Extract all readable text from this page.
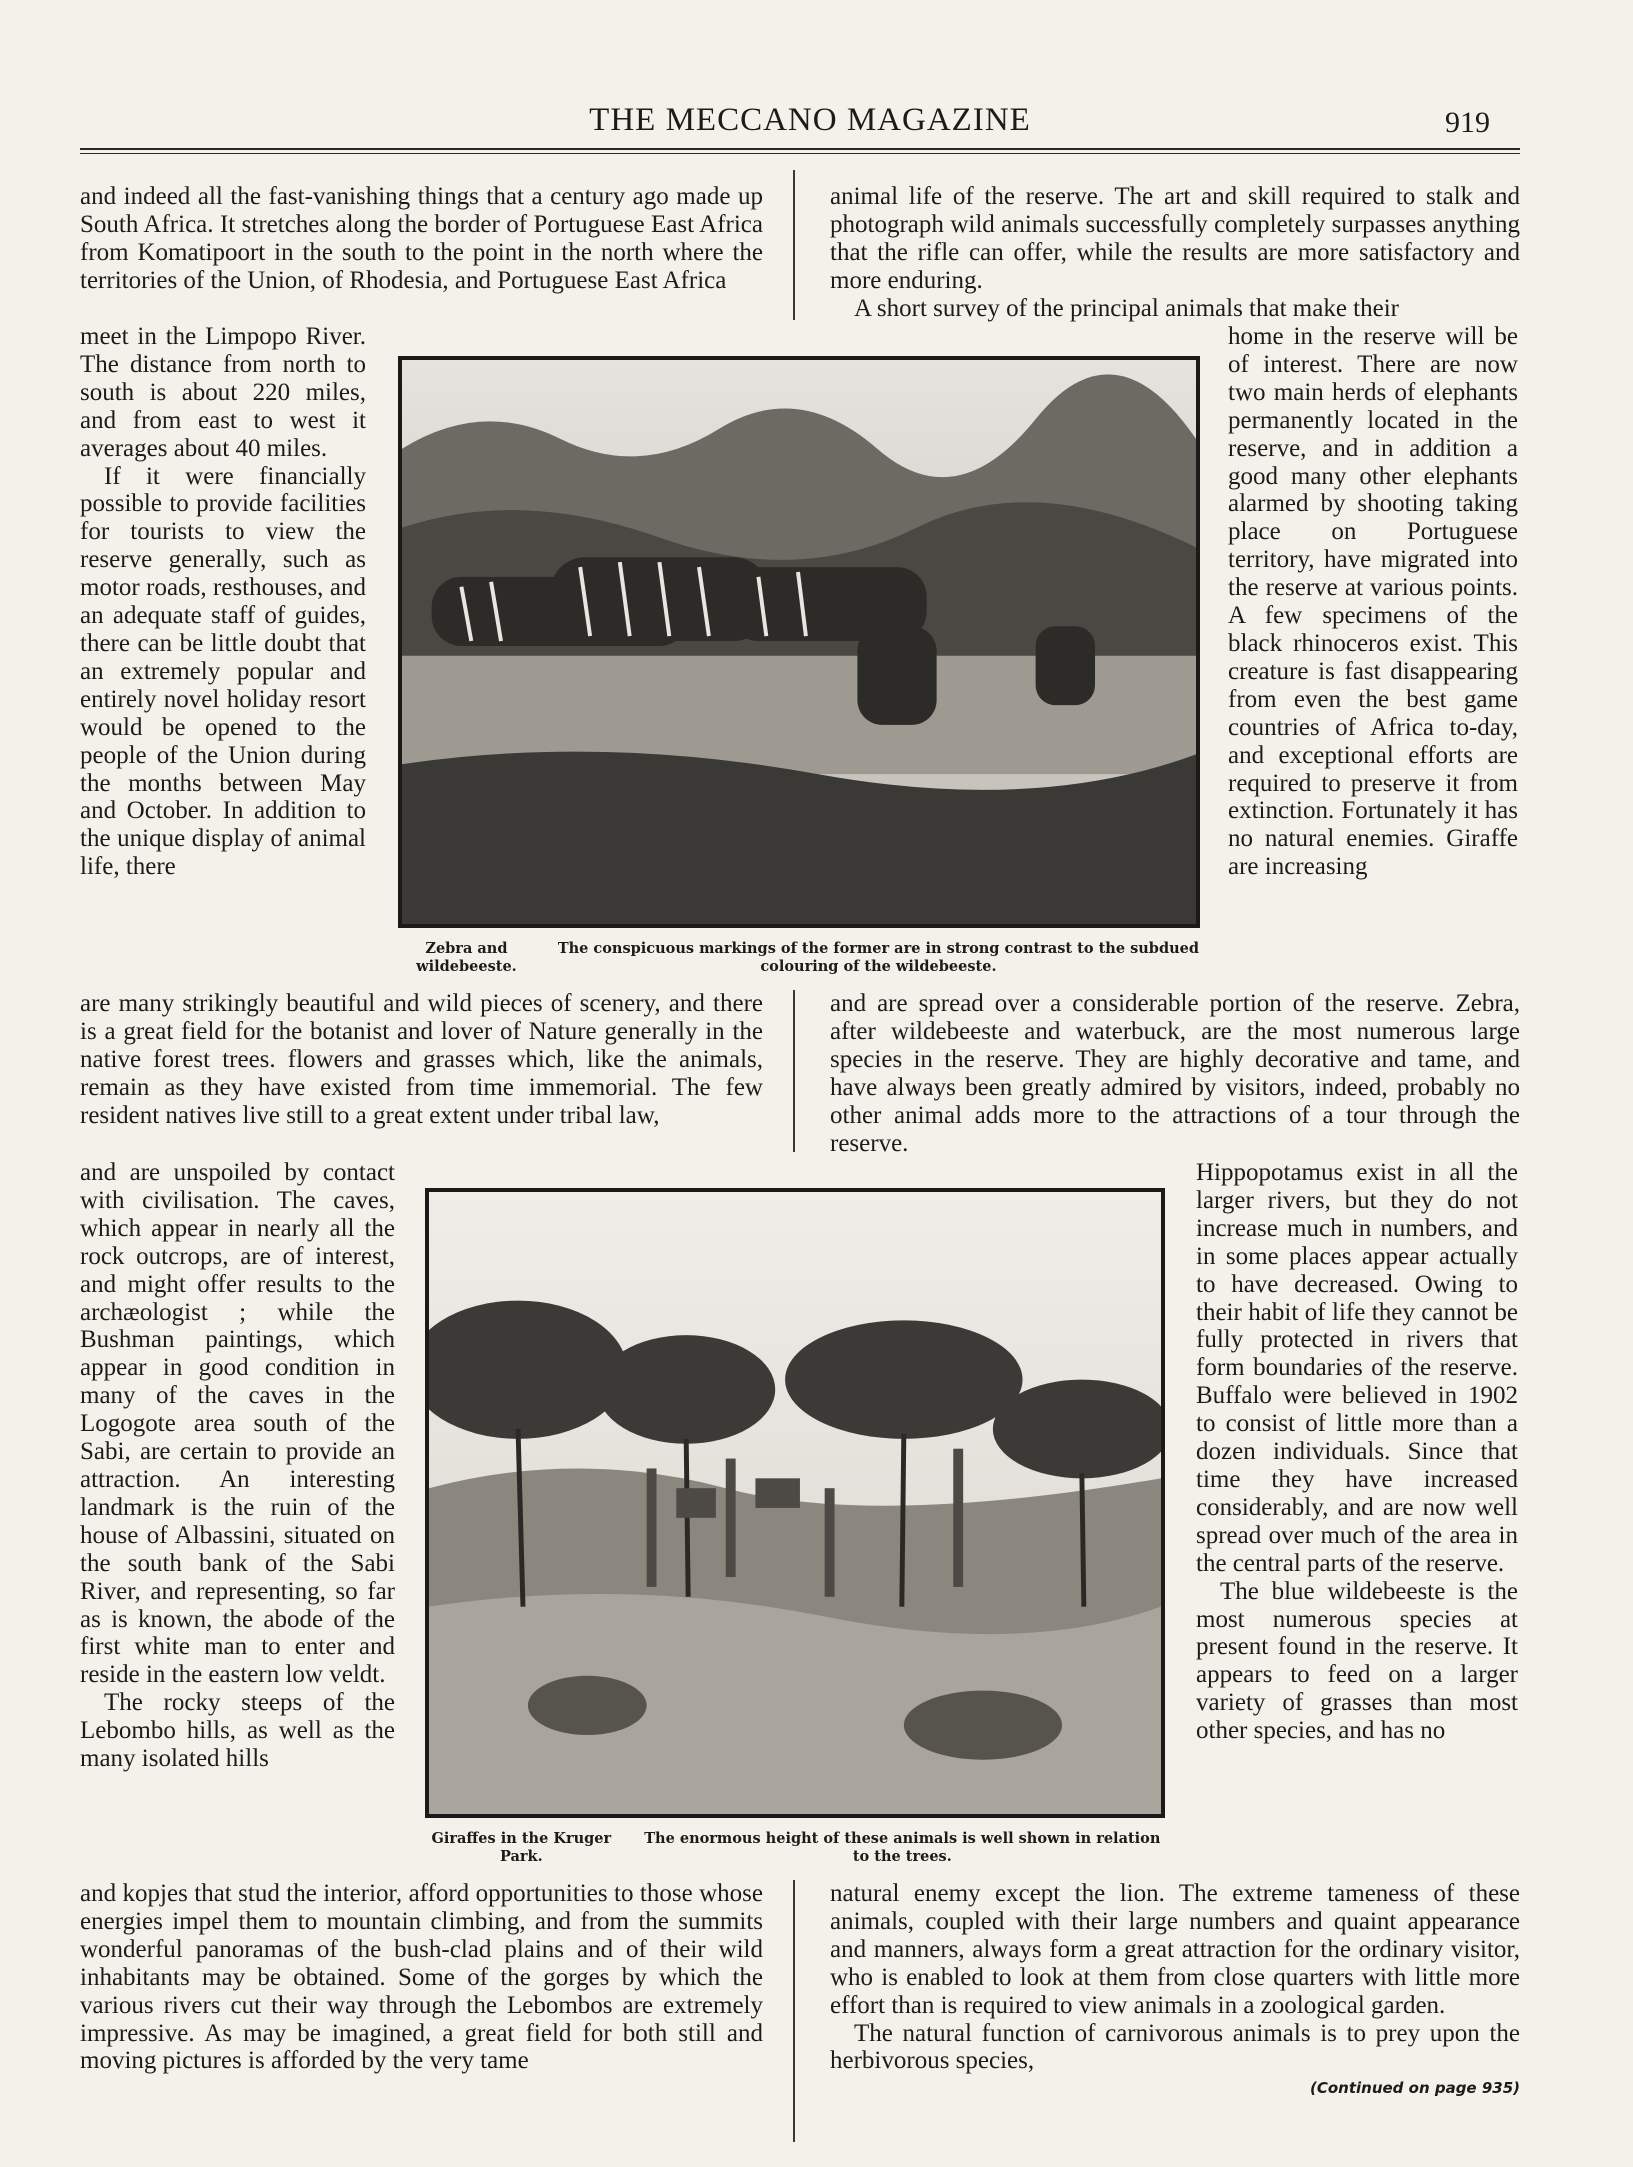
THE MECCANO MAGAZINE	919

and indeed all the fast-vanishing things that a century ago made up South Africa. It stretches along the border of Portuguese East Africa from Komatipoort in the south to the point in the north where the territories of the Union, of Rhodesia, and Portuguese East Africa

animal life of the reserve. The art and skill required to stalk and photograph wild animals successfully completely surpasses anything that the rifle can offer, while the results are more satisfactory and more enduring.

A short survey of the principal animals that make their

meet in the Limpopo River. The distance from north to south is about 220 miles, and from east to west it averages about 40 miles.

If it were financially possible to provide facilities for tourists to view the reserve generally, such as motor roads, resthouses, and an adequate staff of guides, there can be little doubt that an extremely popular and entirely novel holiday resort would be opened to the people of the Union during the months between May and October. In addition to the unique display of animal life, there

Zebra and wildebeeste.
The conspicuous markings of the former are in strong contrast to the subdued colouring of the wildebeeste.

home in the reserve will be of interest. There are now two main herds of elephants permanently located in the reserve, and in addition a good many other elephants alarmed by shooting taking place on Portuguese territory, have migrated into the reserve at various points. A few specimens of the black rhinoceros exist. This creature is fast disappearing from even the best game countries of Africa to-day, and exceptional efforts are required to preserve it from extinction. Fortunately it has no natural enemies. Giraffe are increasing

are many strikingly beautiful and wild pieces of scenery, and there is a great field for the botanist and lover of Nature generally in the native forest trees. flowers and grasses which, like the animals, remain as they have existed from time immemorial. The few resident natives live still to a great extent under tribal law,

and are spread over a considerable portion of the reserve. Zebra, after wildebeeste and waterbuck, are the most numerous large species in the reserve. They are highly decorative and tame, and have always been greatly admired by visitors, indeed, probably no other animal adds more to the attractions of a tour through the reserve.

and are unspoiled by contact with civilisation. The caves, which appear in nearly all the rock outcrops, are of interest, and might offer results to the archæologist ; while the Bushman paintings, which appear in good condition in many of the caves in the Logogote area south of the Sabi, are certain to provide an attraction. An interesting landmark is the ruin of the house of Albassini, situated on the south bank of the Sabi River, and representing, so far as is known, the abode of the first white man to enter and reside in the eastern low veldt.

The rocky steeps of the Lebombo hills, as well as the many isolated hills

Giraffes in the Kruger Park.
The enormous height of these animals is well shown in relation to the trees.

Hippopotamus exist in all the larger rivers, but they do not increase much in numbers, and in some places appear actually to have decreased. Owing to their habit of life they cannot be fully protected in rivers that form boundaries of the reserve. Buffalo were believed in 1902 to consist of little more than a dozen individuals. Since that time they have increased considerably, and are now well spread over much of the area in the central parts of the reserve.

The blue wildebeeste is the most numerous species at present found in the reserve. It appears to feed on a larger variety of grasses than most other species, and has no

and kopjes that stud the interior, afford opportunities to those whose energies impel them to mountain climbing, and from the summits wonderful panoramas of the bush-clad plains and of their wild inhabitants may be obtained. Some of the gorges by which the various rivers cut their way through the Lebombos are extremely impressive. As may be imagined, a great field for both still and moving pictures is afforded by the very tame

natural enemy except the lion. The extreme tameness of these animals, coupled with their large numbers and quaint appearance and manners, always form a great attraction for the ordinary visitor, who is enabled to look at them from close quarters with little more effort than is required to view animals in a zoological garden.

The natural function of carnivorous animals is to prey upon the herbivorous species,

(Continued on page 935)
